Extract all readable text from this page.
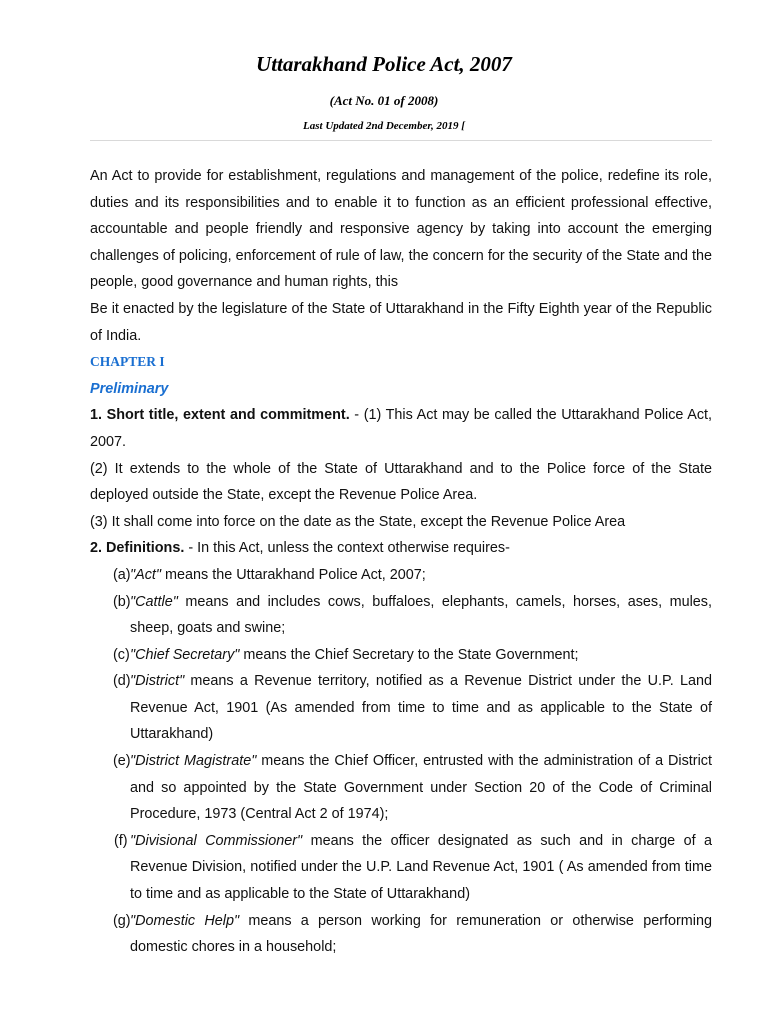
Uttarakhand Police Act, 2007
(Act No. 01 of 2008)
Last Updated 2nd December, 2019 [

An Act to provide for establishment, regulations and management of the police, redefine its role, duties and its responsibilities and to enable it to function as an efficient professional effective, accountable and people friendly and responsive agency by taking into account the emerging challenges of policing, enforcement of rule of law, the concern for the security of the State and the people, good governance and human rights, this

Be it enacted by the legislature of the State of Uttarakhand in the Fifty Eighth year of the Republic of India.

CHAPTER I

Preliminary

1. Short title, extent and commitment. - (1) This Act may be called the Uttarakhand Police Act, 2007.

(2) It extends to the whole of the State of Uttarakhand and to the Police force of the State deployed outside the State, except the Revenue Police Area.

(3) It shall come into force on the date as the State, except the Revenue Police Area

2. Definitions. - In this Act, unless the context otherwise requires-

(a) "Act" means the Uttarakhand Police Act, 2007;
(b) "Cattle" means and includes cows, buffaloes, elephants, camels, horses, ases, mules, sheep, goats and swine;
(c) "Chief Secretary" means the Chief Secretary to the State Government;
(d) "District" means a Revenue territory, notified as a Revenue District under the U.P. Land Revenue Act, 1901 (As amended from time to time and as applicable to the State of Uttarakhand)
(e) "District Magistrate" means the Chief Officer, entrusted with the administration of a District and so appointed by the State Government under Section 20 of the Code of Criminal Procedure, 1973 (Central Act 2 of 1974);
(f) "Divisional Commissioner" means the officer designated as such and in charge of a Revenue Division, notified under the U.P. Land Revenue Act, 1901 ( As amended from time to time and as applicable to the State of Uttarakhand)
(g) "Domestic Help" means a person working for remuneration or otherwise performing domestic chores in a household;
